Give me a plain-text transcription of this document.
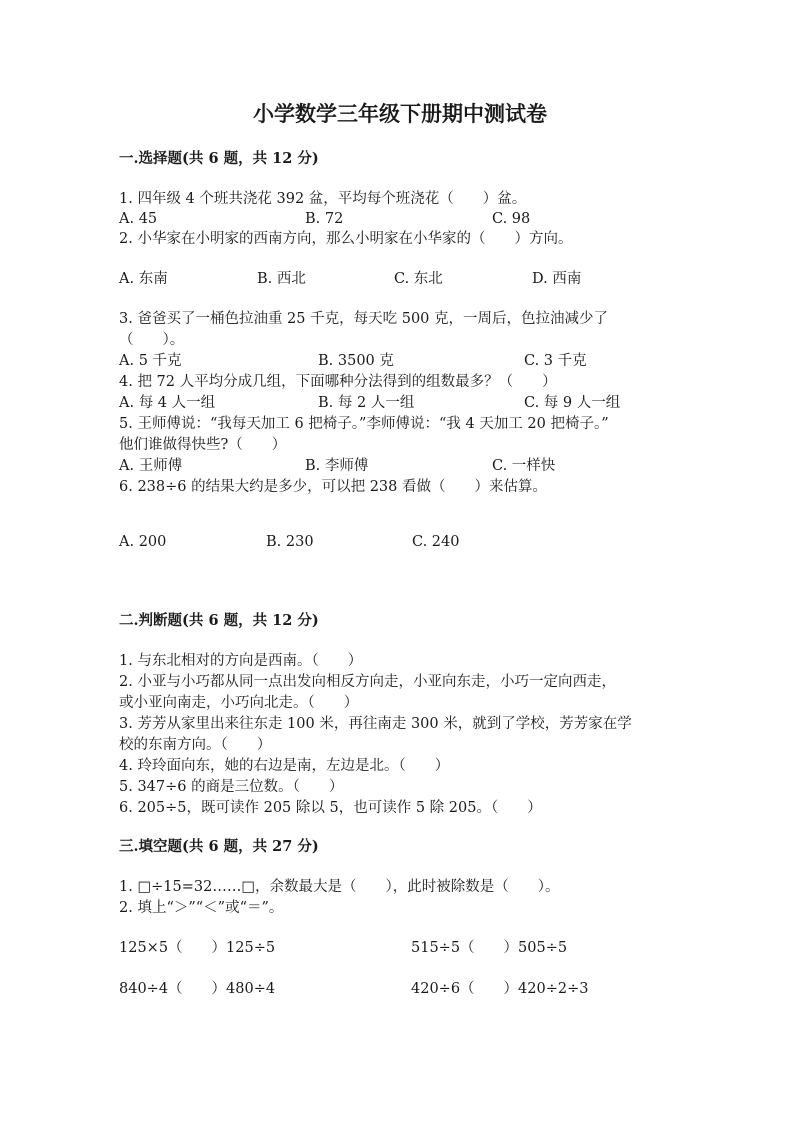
小学数学三年级下册期中测试卷
一.选择题(共 6 题，共 12 分)
1. 四年级 4 个班共浇花 392 盆，平均每个班浇花（　　）盆。
A. 45	B. 72	C. 98
2. 小华家在小明家的西南方向，那么小明家在小华家的（　　）方向。
A. 东南	B. 西北	C. 东北	D. 西南
3. 爸爸买了一桶色拉油重 25 千克，每天吃 500 克，一周后，色拉油减少了
（　　）。
A. 5 千克	B. 3500 克	C. 3 千克
4. 把 72 人平均分成几组，下面哪种分法得到的组数最多？（　　）
A. 每 4 人一组	B. 每 2 人一组	C. 每 9 人一组
5. 王师傅说：“我每天加工 6 把椅子。”李师傅说：“我 4 天加工 20 把椅子。”
他们谁做得快些?（　　）
A. 王师傅	B. 李师傅	C. 一样快
6. 238÷6 的结果大约是多少，可以把 238 看做（　　）来估算。
A. 200	B. 230	C. 240
二.判断题(共 6 题，共 12 分)
1. 与东北相对的方向是西南。（　　）
2. 小亚与小巧都从同一点出发向相反方向走，小亚向东走，小巧一定向西走，
或小亚向南走，小巧向北走。（　　）
3. 芳芳从家里出来往东走 100 米，再往南走 300 米，就到了学校，芳芳家在学
校的东南方向。（　　）
4. 玲玲面向东，她的右边是南，左边是北。（　　）
5. 347÷6 的商是三位数。（　　）
6. 205÷5，既可读作 205 除以 5，也可读作 5 除 205。（　　）
三.填空题(共 6 题，共 27 分)
1. □÷15=32……□，余数最大是（　　），此时被除数是（　　）。
2. 填上“＞”“＜”或“＝”。
125×5（　　）125÷5	515÷5（　　）505÷5
840÷4（　　）480÷4	420÷6（　　）420÷2÷3
